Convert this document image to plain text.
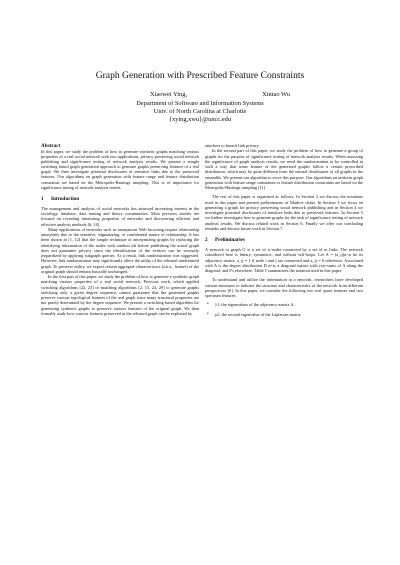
Graph Generation with Prescribed Feature Constraints
Xiaowei Ying,	Xintao Wu
Department of Software and Information Systems
Univ. of North Carolina at Charlotte
{xying,xwu}@uncc.edu
Abstract
In this paper, we study the problem of how to generate synthetic graphs matching various properties of a real social network with two applications, privacy preserving social network publishing and significance testing of network analysis results. We present a simple switching based graph generation approach to generate graphs preserving features of a real graph. We then investigate potential disclosures of sensitive links due to the preserved features. Our algorithms on graph generation with feature range and feature distribution constraints are based on the Metropolis-Hastings sampling. This is of importance for significance testing of network analysis results.
1 Introduction

The management and analysis of social networks has attracted increasing interest in the sociology, database, data mining and theory communities. Most previous studies are focused on revealing interesting properties of networks and discovering efficient and effective analysis methods [6, 14].

Many applications of networks such as anonymous Web browsing require relationship anonymity due to the sensitive, stigmatizing, or confidential nature of relationship. It has been shown in [1, 12] that the simple technique of anonymizing graphs by replacing the identifying information of the nodes with random ids before publishing the actual graph does not guarantee privacy since the identification of the vertices can be seriously jeopardized by applying subgraph queries. As a result, link randomization was suggested. However, link randomization may significantly affect the utility of the released randomized graph. To preserve utility, we expect certain aggregate characteristics (a.k.a., feature) of the original graph should remain basically unchanged.

In the first part of this paper, we study the problem of how to generate a synthetic graph matching various properties of a real social network. Previous work, which applied switching algorithms [22, 23] or matching algorithms [2, 15, 24, 29] to generate graphs satisfying only a given degree sequence, cannot guarantee that the generated graphs preserve various topological features of the real graph since many structural properties are not purely determined by the degree sequence. We present a switching based algorithm for generating synthetic graphs to preserve various features of the original graph. We then formally study how various features preserved in the released graph can be exploited by

attackers to breach link privacy.

In the second part of this paper, we study the problem of how to generate a group of graphs for the purpose of significance testing of network analysis results. When assessing the significance of graph analysis results, we need the randomization to be controlled in such a way that some feature of the generated graphs follow a certain prescribed distribution, which may be quite different from the natural distribution of all graphs in the ensemble. We present our algorithm to serve this purpose. Our algorithms on uniform graph generation with feature range constraints or feature distribution constraints are based on the Metropolis-Hastings sampling [11].

The rest of this paper is organized as follows. In Section 2 we discuss the notations used in this paper and present preliminaries of Markov chain. In Section 3 we focus on generating a graph for privacy preserving social network publishing and in Section 4 we investigate potential disclosures of sensitive links due to preserved features. In Section 5 we further investigate how to generate graphs for the task of significance testing of network analysis results. We discuss related work in Section 6. Finally we offer our concluding remarks and discuss future work in Section 7.

2 Preliminaries

A network or graph G is a set of n nodes connected by a set of m links. The network considered here is binary, symmetric, and without self-loops. Let A = (a_ij)n×n be its adjacency matrix, a_ij = 1 if node i and j are connected and a_ij = 0 otherwise. Associated with A is the degree distribution D n×n, a diagonal matrix with row-sums of A along the diagonal, and 0's elsewhere. Table 1 summarizes the notation used in this paper.

To understand and utilize the information in a network, researchers have developed various measures to indicate the structure and characteristics of the network from different perspectives [6]. In this paper, we consider the following two real space features and two spectrum features.

• λ1, the eigenvalues of the adjacency matrix A.
• μ2, the second eigenvalue of the Laplacian matrix
